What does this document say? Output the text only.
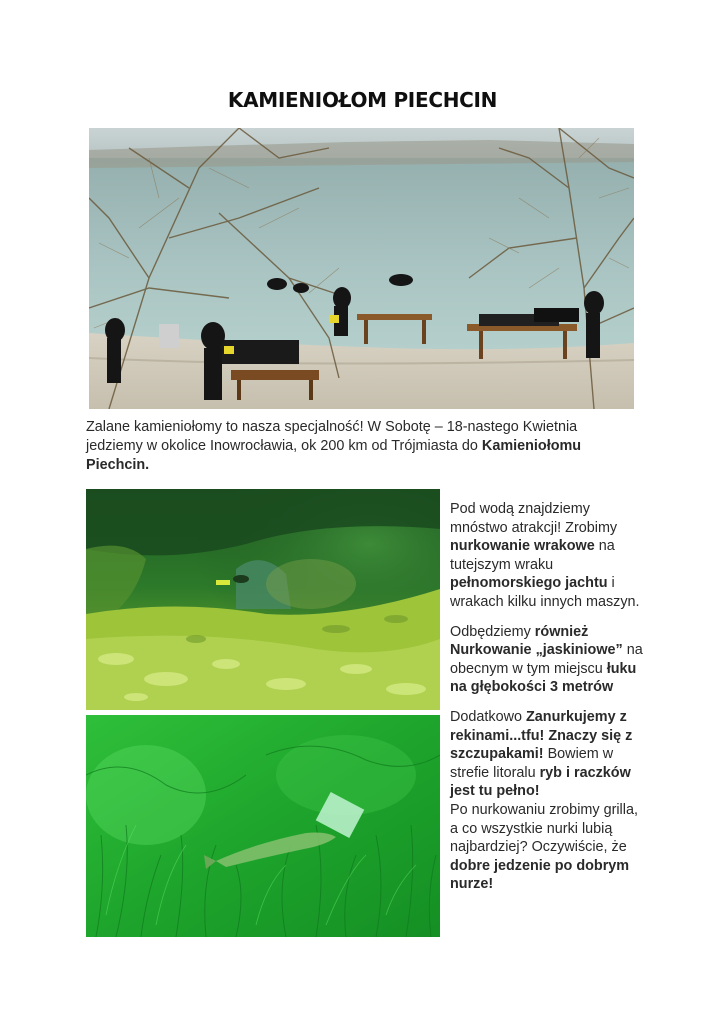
KAMIENIOŁOM PIECHCIN

Zalane kamieniołomy to nasza specjalność! W Sobotę – 18-nastego Kwietnia

jedziemy w okolice Inowrocławia, ok 200 km od Trójmiasta do Kamieniołomu

Piechcin.

Pod wodą znajdziemy mnóstwo atrakcji! Zrobimy nurkowanie wrakowe na tutejszym wraku pełnomorskiego jachtu i wrakach kilku innych maszyn.

Odbędziemy również Nurkowanie „jaskiniowe” na obecnym w tym miejscu łuku na głębokości 3 metrów

Dodatkowo Zanurkujemy z rekinami...tfu! Znaczy się z szczupakami! Bowiem w strefie litoralu ryb i raczków jest tu pełno!

Po nurkowaniu zrobimy grilla, a co wszystkie nurki lubią najbardziej? Oczywiście, że dobre jedzenie po dobrym nurze!
